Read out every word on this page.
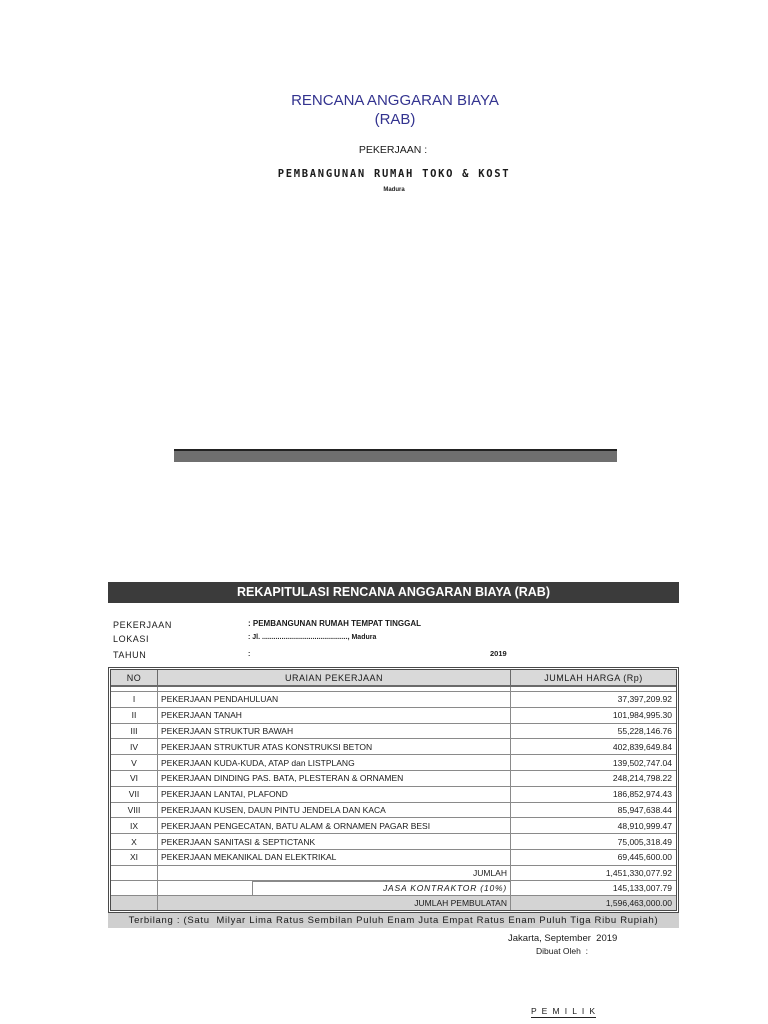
RENCANA ANGGARAN BIAYA
(RAB)
PEKERJAAN :
PEMBANGUNAN RUMAH TOKO & KOST
Madura
REKAPITULASI RENCANA ANGGARAN BIAYA (RAB)
PEKERJAAN	: PEMBANGUNAN RUMAH TEMPAT TINGGAL
LOKASI	: Jl. ............................................, Madura
TAHUN	:	2019
NO	URAIAN PEKERJAAN	JUMLAH HARGA (Rp)
I	PEKERJAAN PENDAHULUAN	37,397,209.92
II	PEKERJAAN TANAH	101,984,995.30
III	PEKERJAAN STRUKTUR BAWAH	55,228,146.76
IV	PEKERJAAN STRUKTUR ATAS KONSTRUKSI BETON	402,839,649.84
V	PEKERJAAN KUDA-KUDA, ATAP dan LISTPLANG	139,502,747.04
VI	PEKERJAAN DINDING PAS. BATA, PLESTERAN & ORNAMEN	248,214,798.22
VII	PEKERJAAN LANTAI, PLAFOND	186,852,974.43
VIII	PEKERJAAN KUSEN, DAUN PINTU JENDELA DAN KACA	85,947,638.44
IX	PEKERJAAN PENGECATAN, BATU ALAM & ORNAMEN PAGAR BESI	48,910,999.47
X	PEKERJAAN SANITASI & SEPTICTANK	75,005,318.49
XI	PEKERJAAN MEKANIKAL DAN ELEKTRIKAL	69,445,600.00
JUMLAH	1,451,330,077.92
JASA KONTRAKTOR (10%)	145,133,007.79
JUMLAH PEMBULATAN	1,596,463,000.00
Terbilang : (Satu  Milyar Lima Ratus Sembilan Puluh Enam Juta Empat Ratus Enam Puluh Tiga Ribu Rupiah)
Jakarta, September  2019
Dibuat Oleh  :
P E M I L I K
